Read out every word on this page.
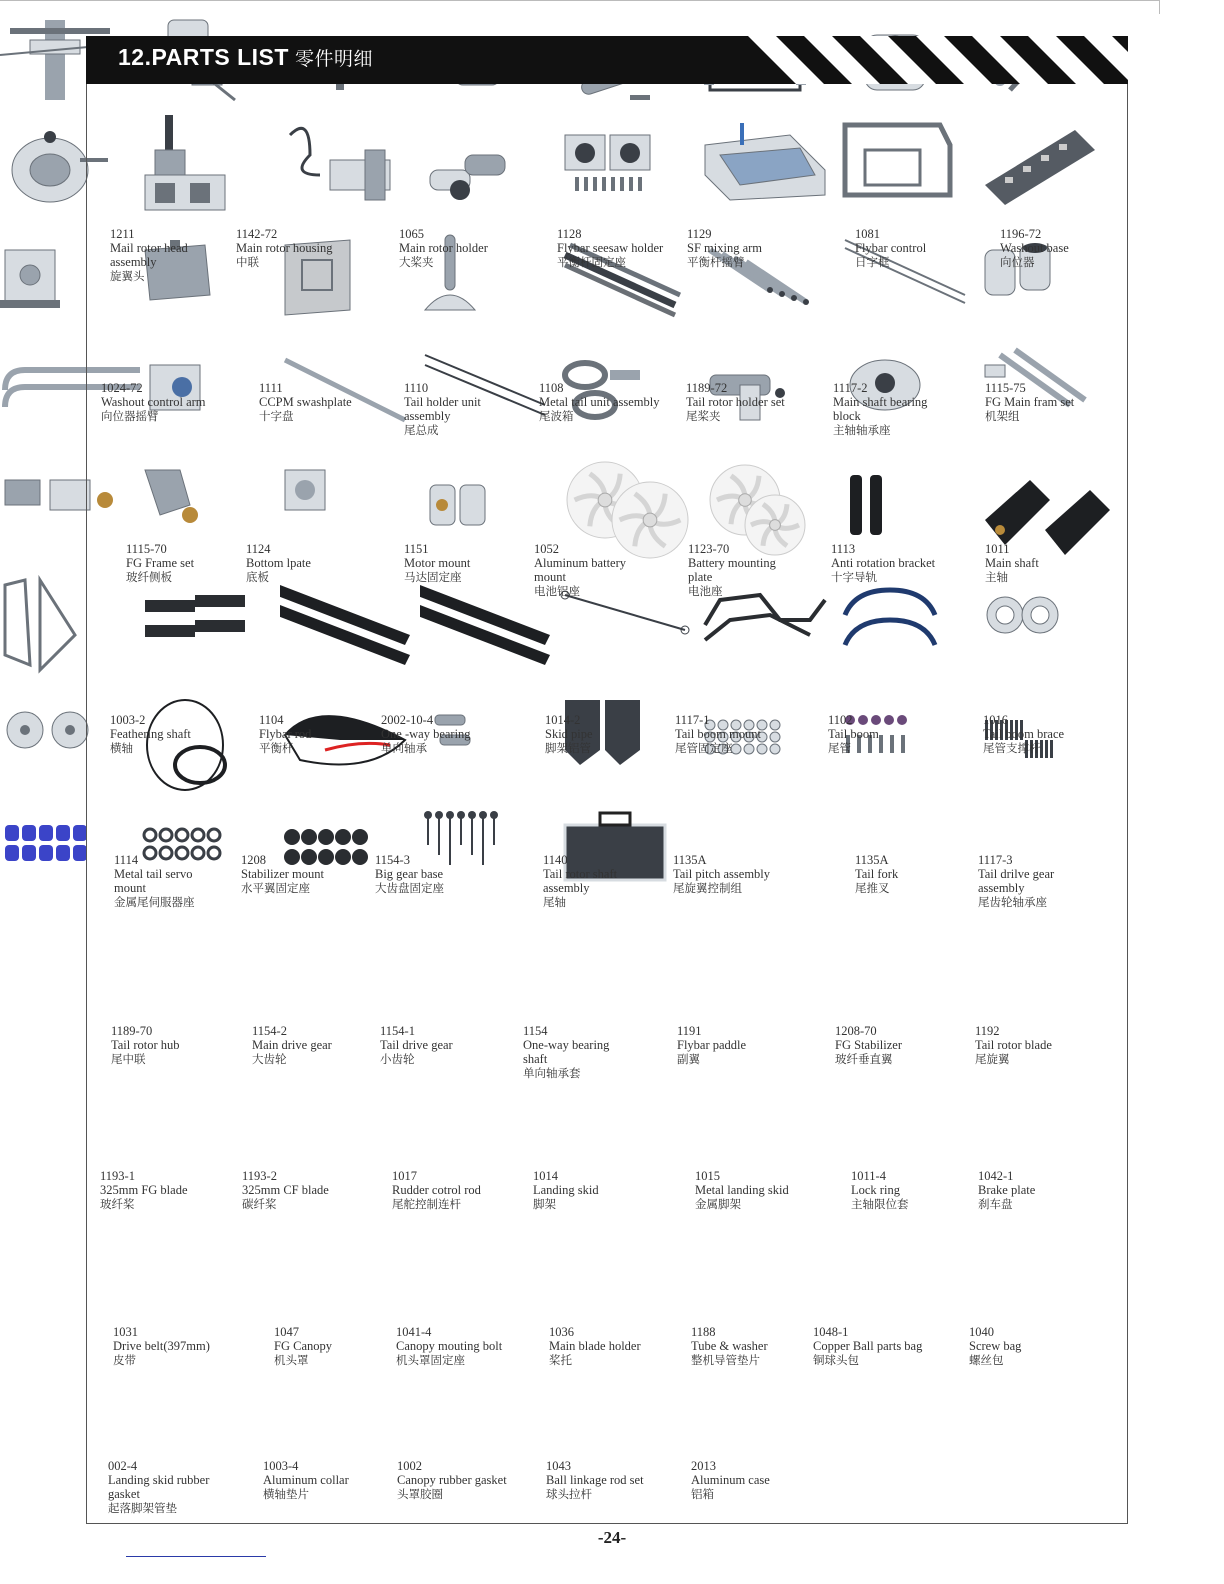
12.PARTS LIST 零件明细
1211
Mail rotor head
assembly
旋翼头
1142-72
Main rotor housing
中联
1065
Main rotor holder
大桨夹
1128
Flybar seesaw holder
平衡杆固定座
1129
SF mixing arm
平衡杆摇臂
1081
Flybar control
日字框
1196-72
Washout base
向位器
1024-72
Washout control arm
向位器摇臂
1111
CCPM swashplate
十字盘
1110
Tail holder unit
assembly
尾总成
1108
Metal tail unit assembly
尾波箱
1189-72
Tail rotor holder set
尾桨夹
1117-2
Main shaft bearing
block
主轴轴承座
1115-75
FG Main fram set
机架组
1115-70
FG Frame set
玻纤侧板
1124
Bottom lpate
底板
1151
Motor mount
马达固定座
1052
Aluminum battery
mount
电池铝座
1123-70
Battery mounting
plate
电池座
1113
Anti rotation bracket
十字导轨
1011
Main shaft
主轴
1003-2
Feathering shaft
横轴
1104
Flybar rod
平衡杆
2002-10-4
One -way bearing
单向轴承
1014-2
Skid pipe
脚架铝管
1117-1
Tail boom mount
尾管固定座
1102
Tail boom
尾管
1016
Tail boom brace
尾管支撑杆
1114
Metal tail servo
mount
金属尾伺服器座
1208
Stabilizer mount
水平翼固定座
1154-3
Big gear base
大齿盘固定座
1140
Tail rotor shaft
assembly
尾轴
1135A
Tail pitch assembly
尾旋翼控制组
1135A
Tail fork
尾推叉
1117-3
Tail drilve gear
assembly
尾齿轮轴承座
1189-70
Tail rotor hub
尾中联
1154-2
Main drive gear
大齿轮
1154-1
Tail drive gear
小齿轮
1154
One-way bearing
shaft
单向轴承套
1191
Flybar paddle
副翼
1208-70
FG Stabilizer
玻纤垂直翼
1192
Tail rotor blade
尾旋翼
1193-1
325mm FG blade
玻纤桨
1193-2
325mm CF blade
碳纤桨
1017
Rudder cotrol rod
尾舵控制连杆
1014
Landing skid
脚架
1015
Metal landing skid
金属脚架
1011-4
Lock ring
主轴限位套
1042-1
Brake plate
刹车盘
1031
Drive belt(397mm)
皮带
1047
FG Canopy
机头罩
1041-4
Canopy mouting bolt
机头罩固定座
1036
Main blade holder
桨托
1188
Tube & washer
整机导管垫片
1048-1
Copper Ball parts bag
铜球头包
1040
Screw bag
螺丝包
002-4
Landing skid rubber
gasket
起落脚架管垫
1003-4
Aluminum collar
横轴垫片
1002
Canopy rubber gasket
头罩胶圈
1043
Ball linkage rod set
球头拉杆
2013
Aluminum case
铝箱
-24-
